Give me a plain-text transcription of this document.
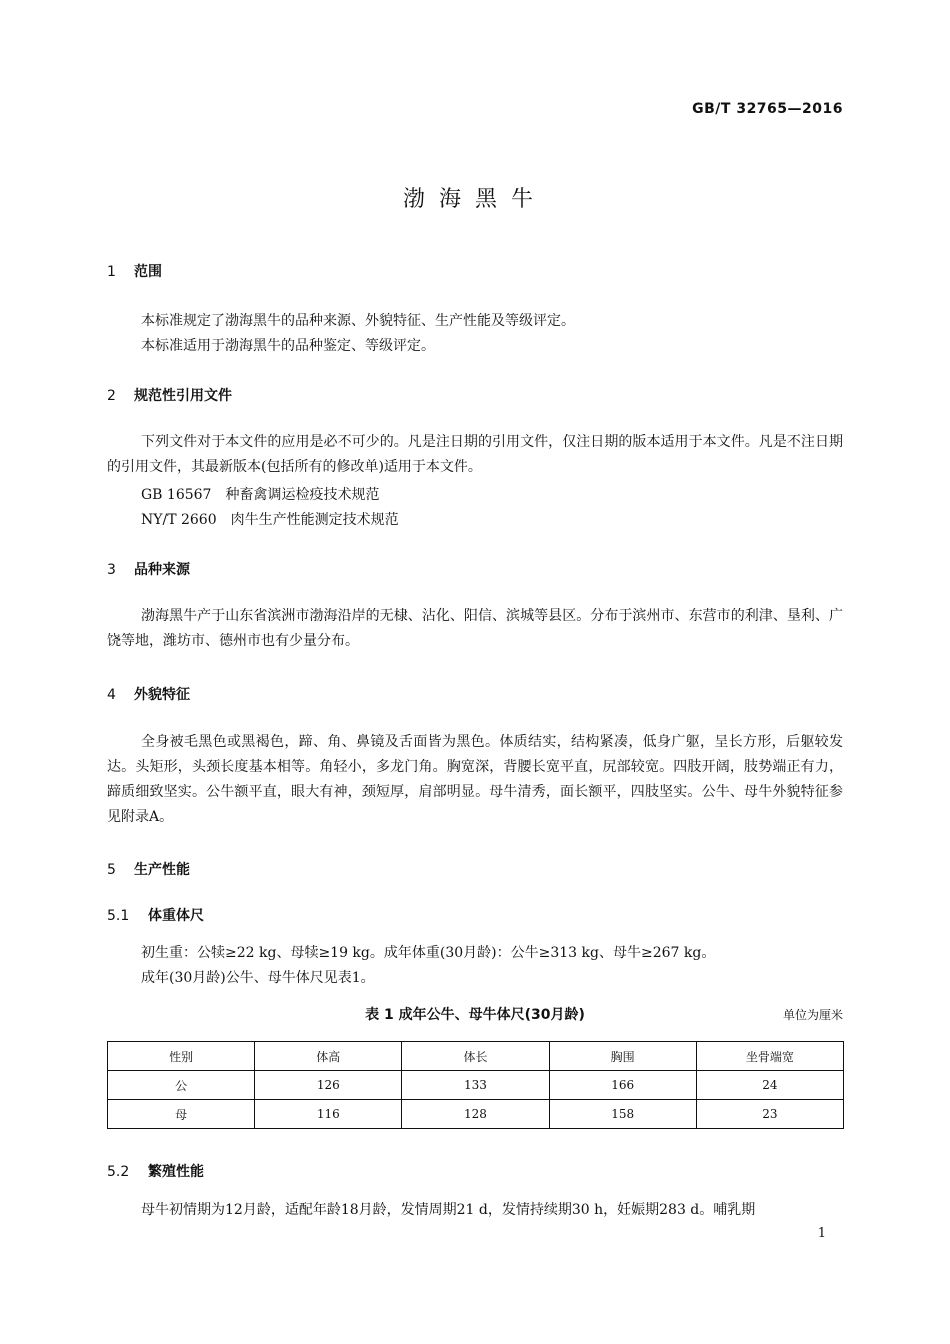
GB/T 32765—2016
渤海黑牛
1 范围
本标准规定了渤海黑牛的品种来源、外貌特征、生产性能及等级评定。
本标准适用于渤海黑牛的品种鉴定、等级评定。
2 规范性引用文件
下列文件对于本文件的应用是必不可少的。凡是注日期的引用文件，仅注日期的版本适用于本文件。凡是不注日期的引用文件，其最新版本(包括所有的修改单)适用于本文件。
GB 16567 种畜禽调运检疫技术规范
NY/T 2660 肉牛生产性能测定技术规范
3 品种来源
渤海黑牛产于山东省滨洲市渤海沿岸的无棣、沾化、阳信、滨城等县区。分布于滨州市、东营市的利津、垦利、广饶等地，潍坊市、德州市也有少量分布。
4 外貌特征
全身被毛黑色或黑褐色，蹄、角、鼻镜及舌面皆为黑色。体质结实，结构紧凑，低身广躯，呈长方形，后躯较发达。头矩形，头颈长度基本相等。角轻小，多龙门角。胸宽深，背腰长宽平直，尻部较宽。四肢开阔，肢势端正有力，蹄质细致坚实。公牛额平直，眼大有神，颈短厚，肩部明显。母牛清秀，面长额平，四肢坚实。公牛、母牛外貌特征参见附录A。
5 生产性能
5.1 体重体尺
初生重：公犊≥22 kg、母犊≥19 kg。成年体重(30月龄)：公牛≥313 kg、母牛≥267 kg。
成年(30月龄)公牛、母牛体尺见表1。
表 1 成年公牛、母牛体尺(30月龄)	单位为厘米
性别	体高	体长	胸围	坐骨端宽
公	126	133	166	24
母	116	128	158	23
5.2 繁殖性能
母牛初情期为12月龄，适配年龄18月龄，发情周期21 d，发情持续期30 h，妊娠期283 d。哺乳期
1
